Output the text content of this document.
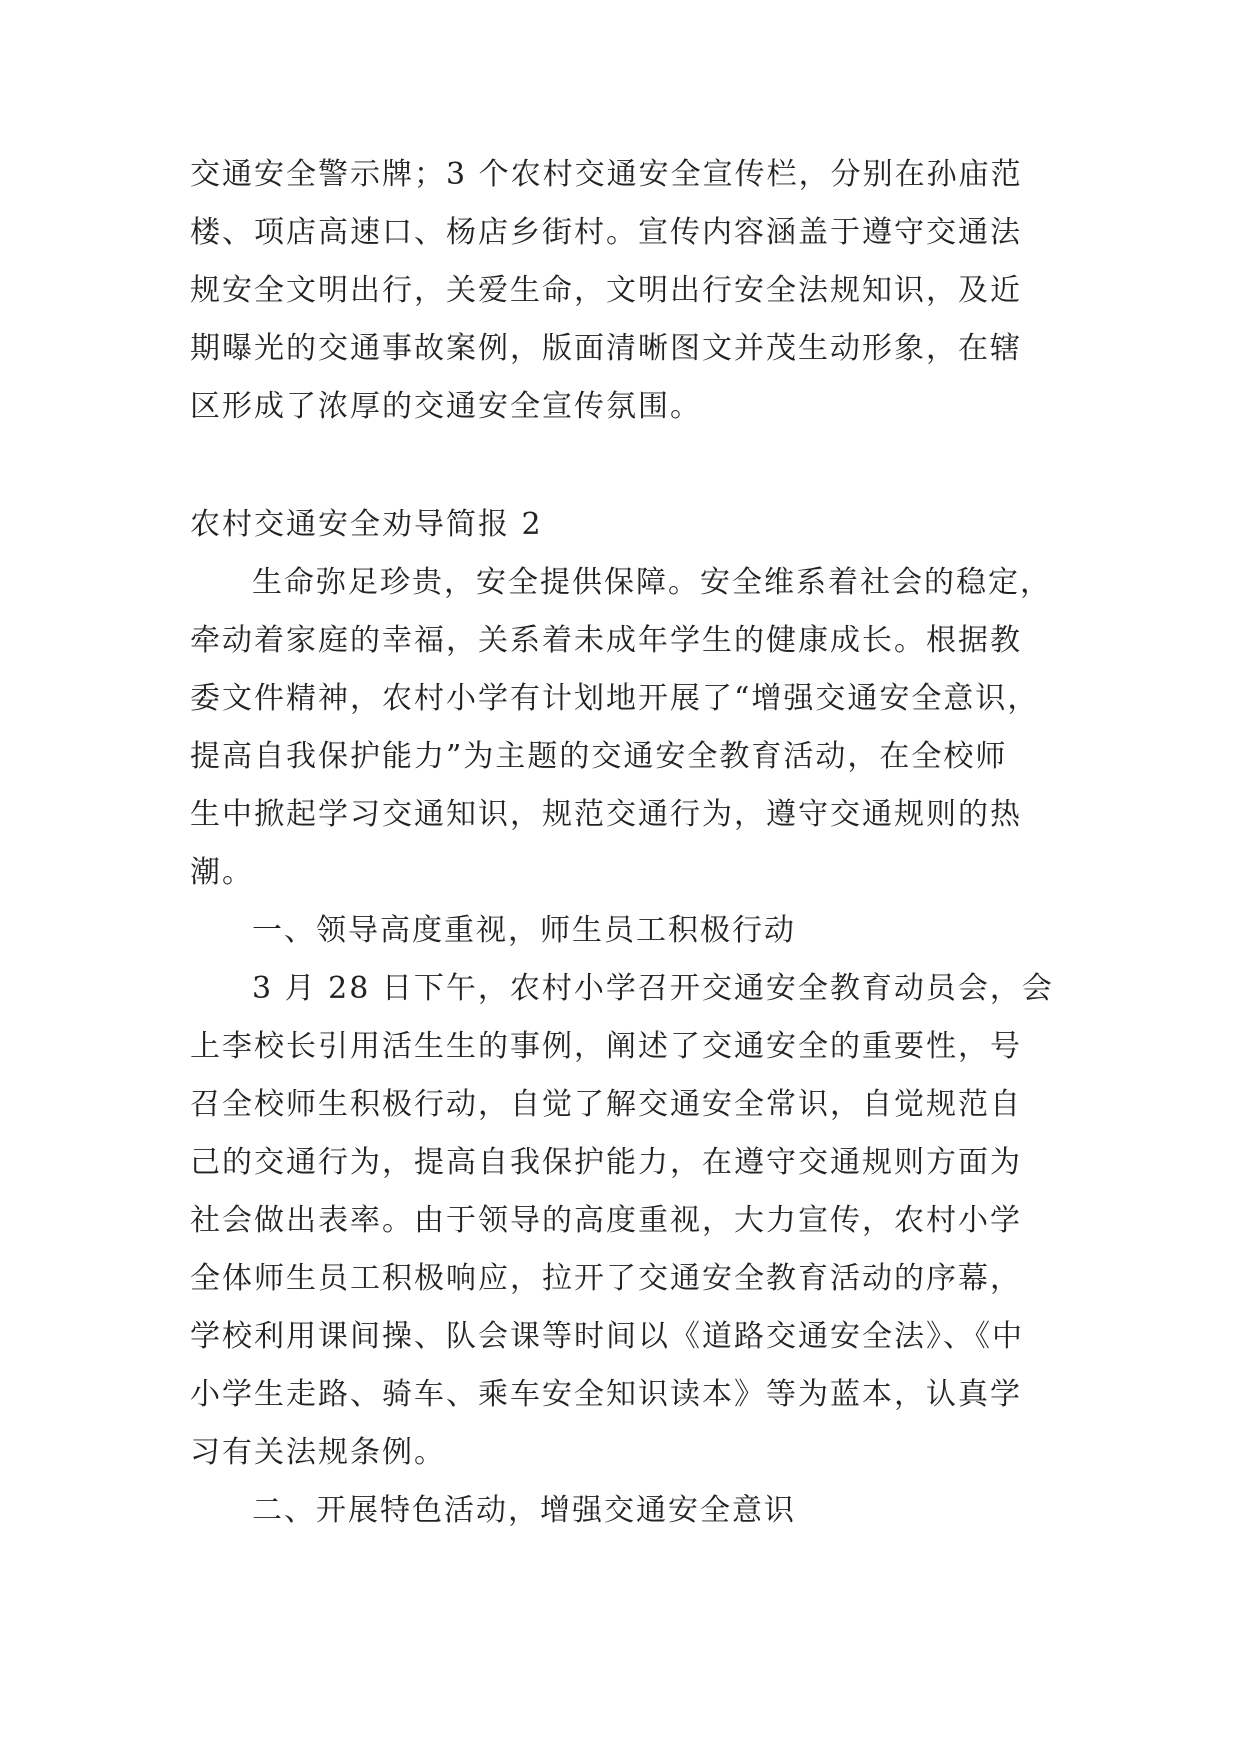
交通安全警示牌；3 个农村交通安全宣传栏，分别在孙庙范
楼、项店高速口、杨店乡街村。宣传内容涵盖于遵守交通法
规安全文明出行，关爱生命，文明出行安全法规知识，及近
期曝光的交通事故案例，版面清晰图文并茂生动形象，在辖
区形成了浓厚的交通安全宣传氛围。
农村交通安全劝导简报 2
生命弥足珍贵，安全提供保障。安全维系着社会的稳定，
牵动着家庭的幸福，关系着未成年学生的健康成长。根据教
委文件精神，农村小学有计划地开展了“增强交通安全意识，
提高自我保护能力”为主题的交通安全教育活动，在全校师
生中掀起学习交通知识，规范交通行为，遵守交通规则的热
潮。
一、领导高度重视，师生员工积极行动
3 月 28 日下午，农村小学召开交通安全教育动员会，会
上李校长引用活生生的事例，阐述了交通安全的重要性，号
召全校师生积极行动，自觉了解交通安全常识，自觉规范自
己的交通行为，提高自我保护能力，在遵守交通规则方面为
社会做出表率。由于领导的高度重视，大力宣传，农村小学
全体师生员工积极响应，拉开了交通安全教育活动的序幕，
学校利用课间操、队会课等时间以《道路交通安全法》、《中
小学生走路、骑车、乘车安全知识读本》等为蓝本，认真学
习有关法规条例。
二、开展特色活动，增强交通安全意识
